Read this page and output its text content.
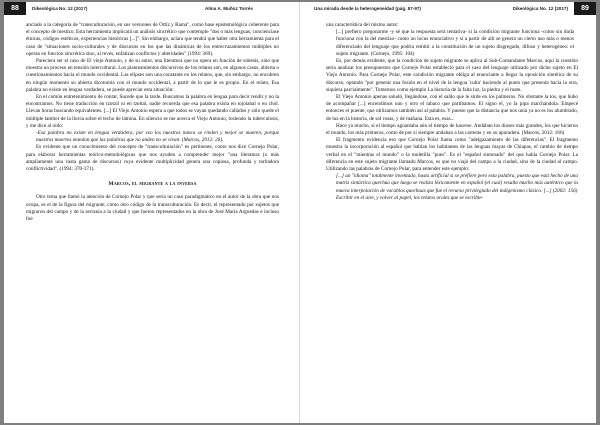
88	Dikeológica No. 12 (2017)	Alma A. Muñoz Torrés

anclado a la categoría de "transculturación, en sus versiones de Ortiz y Rama", como base epistemológica coherente para el concepto de mestizo. Esta herramienta implicará un análisis sincrético que contemple "dos o más lenguas, concienciase étnicas, códigos estéticos, experiencias históricas [...]". Sin embargo, aclara que tendrá que haber otra herramienta para el caso de "situaciones socio-culturales y de discursos en los que las dinámicas de los entrecruzamientos múltiples no operan en función sincrética sino, al revés, enfatizan conflictos y alteridades" (1994: 369).

Pareciera ser el caso de El viejo Antonio, y de su autor, una literatura que no opera en función de síntesis, sino que muestra un proceso en tensión intercultural. Los planteamientos discursivos de los relatos son, en algunos casos, abierta o cuestionamientos hacia el mundo occidental. Las elipses son una constante en los relatos, que, sin embargo, no encubren en ningún momento su abierta dicotomía con el mundo occidental, a partir de lo que le es propio. En el relato, Esa palabra no existe en lengua verdadera, se puede apreciar esta situación:

En el común entretenimiento de contar, Sucede que la tarde. Buscamos la palabra en lengua para decir rendir y no la encontramos. No tiene traducción en tzotzil ni en tzeltal, nadie recuerda que esa palabra exista en tojolabal o en chol. Llevan horas buscando equivalentes. [...] El Viejo Antonio espera a que todos se vayan quedando callados y sólo quede el múltiple tambor de la lluvia sobre el techo de lámina. En silencio se me acerca el Viejo Antonio, tosiendo la tuberculosis, y me dice al oído:

-Esa palabra no existe en lengua verdadera, por eso los nuestros nunca se rinden y mejor se mueren, porque nuestros muertos mandan que las palabras que no anden no se vivan. (Marcos, 2012: 26).

Es evidente que un conocimiento del concepto de "transculturación" es pertinente, como nos dice Cornejo Polar, para elaborar herramientas teórico-metodológicas que nos ayuden a comprender mejor "una literatura (o más ampliamente una vasta gama de discursos) cuya evidente multiplicidad genera una copiosa, profunda y turbadora conflictividad". (1994: 370-371).

Marcos, el migrante a la inversa

Otro tema que llamó la atención de Cornejo Polar y que sería un caso paradigmático en el autor de la obra que nos ocupa, es el de la figura del migrante, como otro código de la transculturación. Es decir, el representado por sujetos que migraron del campo y de la serranía a la ciudad y que fueron representados en la obra de José María Arguedas e incluso fue

Una mirada desde la heterogeneidad (pág. 87-97)	Dikeológica No. 12 (2017)	89

una característica del mismo autor:

[...] prefiero pregonarme -y sé que la respuesta será tentativa- si la condición migrante funciona -como sin duda funciona con la del mestizo- como un locus enunciativo y si a partir de allí se genera un cierto uso más o menos diferenciado del lenguaje que podría remitir a la constitución de un sujeto disgregado, difuso y heterogéneo: el sujeto migrante. (Cornejo, 1995: 104)

Es, por demás evidente, que la condición de sujeto migrante se aplica al Sub-Comandante Marcos, aquí la cuestión sería analizar los presupuestos que Cornejo Polar estableció para el caso del lenguaje utilizado por dicho sujeto en El Viejo Antonio. Para Cornejo Polar, este condición migrante obliga al enunciante a llegar la oposición sintética de su discurso, optando "por generar una fusión en el nivel de la lengua 'culta' haciendo al punto que presenta hacia la otra, siquiera parcialmente". Tomemos como ejemplo La historia de la falta luz, la piedra y el mate.

El Viejo Antonio apenas saludó, llegándose, con el saldo que le sirde en los palmeros. No obstante la tos, que hubo de acompañar [...] encendimos uno y otro el tabaco que partíbamos. El signo el, yo la pipa marchándola. Empecé entonces el puente, que utilizamos también así al palabra. Y puesto que la distancia que nos unía ya no es los alumbrado, de luz en la historia, de sol rosas, y de mañana. Esta es, esas...

Hace ya mucho, si el tiempo aguantaba aún el tiempo de hacerse. Andaban los dioses más grandes, los que hicieron el mundo, los más primeros, como de por sí siempre andaban a las carreras y en su apuradera. (Marcos, 2012: 166)

El fragmento evidencia eso que Cornejo Polar llama como "adelgazamiento de las diferencias". El fragmento muestra la incorporación al español que hablan los habitantes de las lenguas mayas de Chiapas, el cambio de tiempo verbal en el "mientras el mundo" o la muletilla "pues". Es el "español sintonado" del que habla Cornejo Polar. La diferencia en este sujeto migrante llamado Marcos, es que no viajó del campo a la ciudad, sino de la ciudad al campo. Utilizando las palabras de Cornejo Polar, para entender este ejemplo:

[...] un "idioma" totalmente inventado, hasta artificial si se prefiere pero esta palabra, puesto que está hecho de una matriz sintáctica quechua que luego se realiza léxicamente en español (el cual) resulta mucho más auténtico que la mueva interpolación de vocablos quechuas que fue el recurso privilegiado del indigenismo clásico. [...] (2002: 156)

Escribir en el aire, y volver al papel, los relatos orales que se escribie-
